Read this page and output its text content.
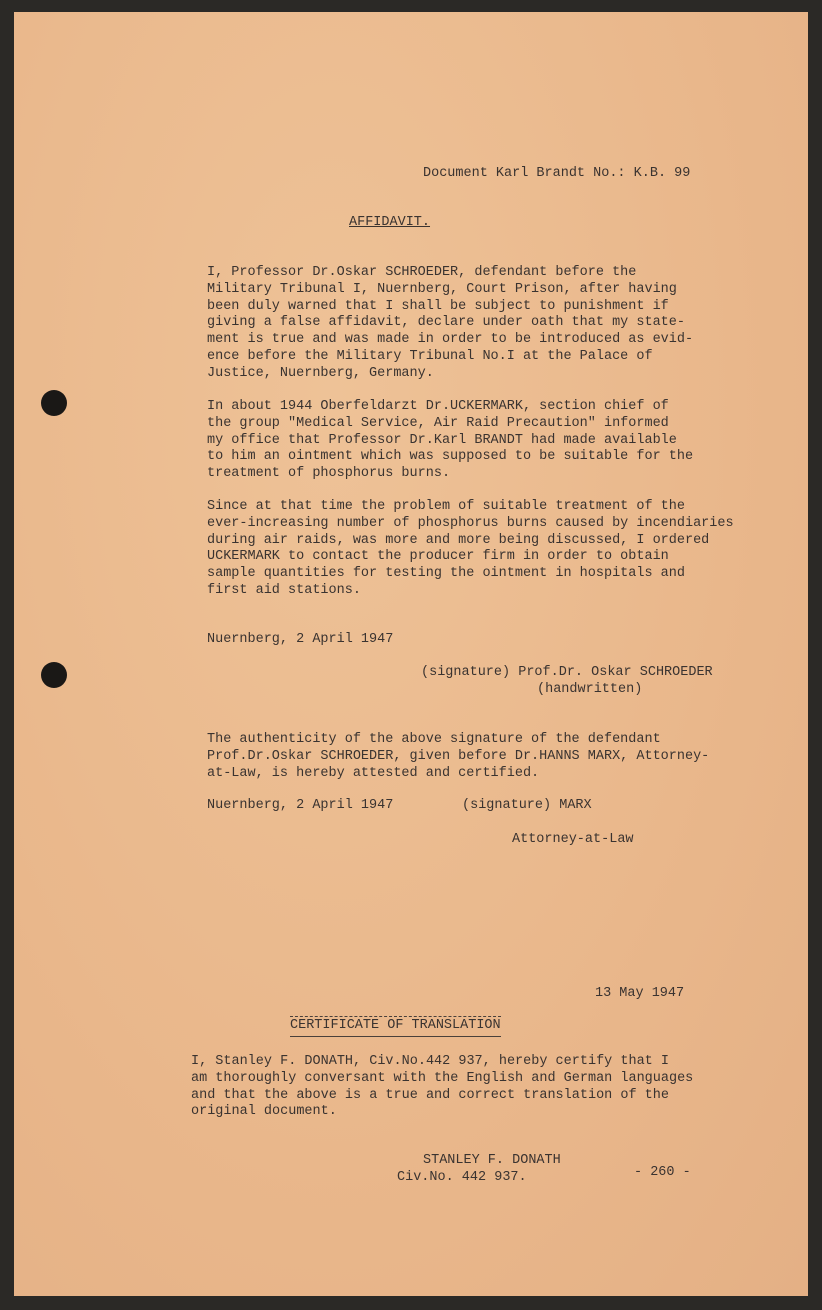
Document Karl Brandt No.: K.B. 99
AFFIDAVIT.
I, Professor Dr.Oskar SCHROEDER, defendant before the
Military Tribunal I, Nuernberg, Court Prison, after having
been duly warned that I shall be subject to punishment if
giving a false affidavit, declare under oath that my state-
ment is true and was made in order to be introduced as evid-
ence before the Military Tribunal No.I at the Palace of
Justice, Nuernberg, Germany.
In about 1944 Oberfeldarzt Dr.UCKERMARK, section chief of
the group "Medical Service, Air Raid Precaution" informed
my office that Professor Dr.Karl BRANDT had made available
to him an ointment which was supposed to be suitable for the
treatment of phosphorus burns.
Since at that time the problem of suitable treatment of the
ever-increasing number of phosphorus burns caused by incendiaries
during air raids, was more and more being discussed, I ordered
UCKERMARK to contact the producer firm in order to obtain
sample quantities for testing the ointment in hospitals and
first aid stations.
Nuernberg, 2 April 1947
(signature) Prof.Dr. Oskar SCHROEDER
(handwritten)
The authenticity of the above signature of the defendant
Prof.Dr.Oskar SCHROEDER, given before Dr.HANNS MARX, Attorney-
at-Law, is hereby attested and certified.
Nuernberg, 2 April 1947	(signature) MARX
Attorney-at-Law
13 May 1947
CERTIFICATE OF TRANSLATION
I, Stanley F. DONATH, Civ.No.442 937, hereby certify that I
am thoroughly conversant with the English and German languages
and that the above is a true and correct translation of the
original document.
STANLEY F. DONATH
Civ.No. 442 937.	- 260 -
